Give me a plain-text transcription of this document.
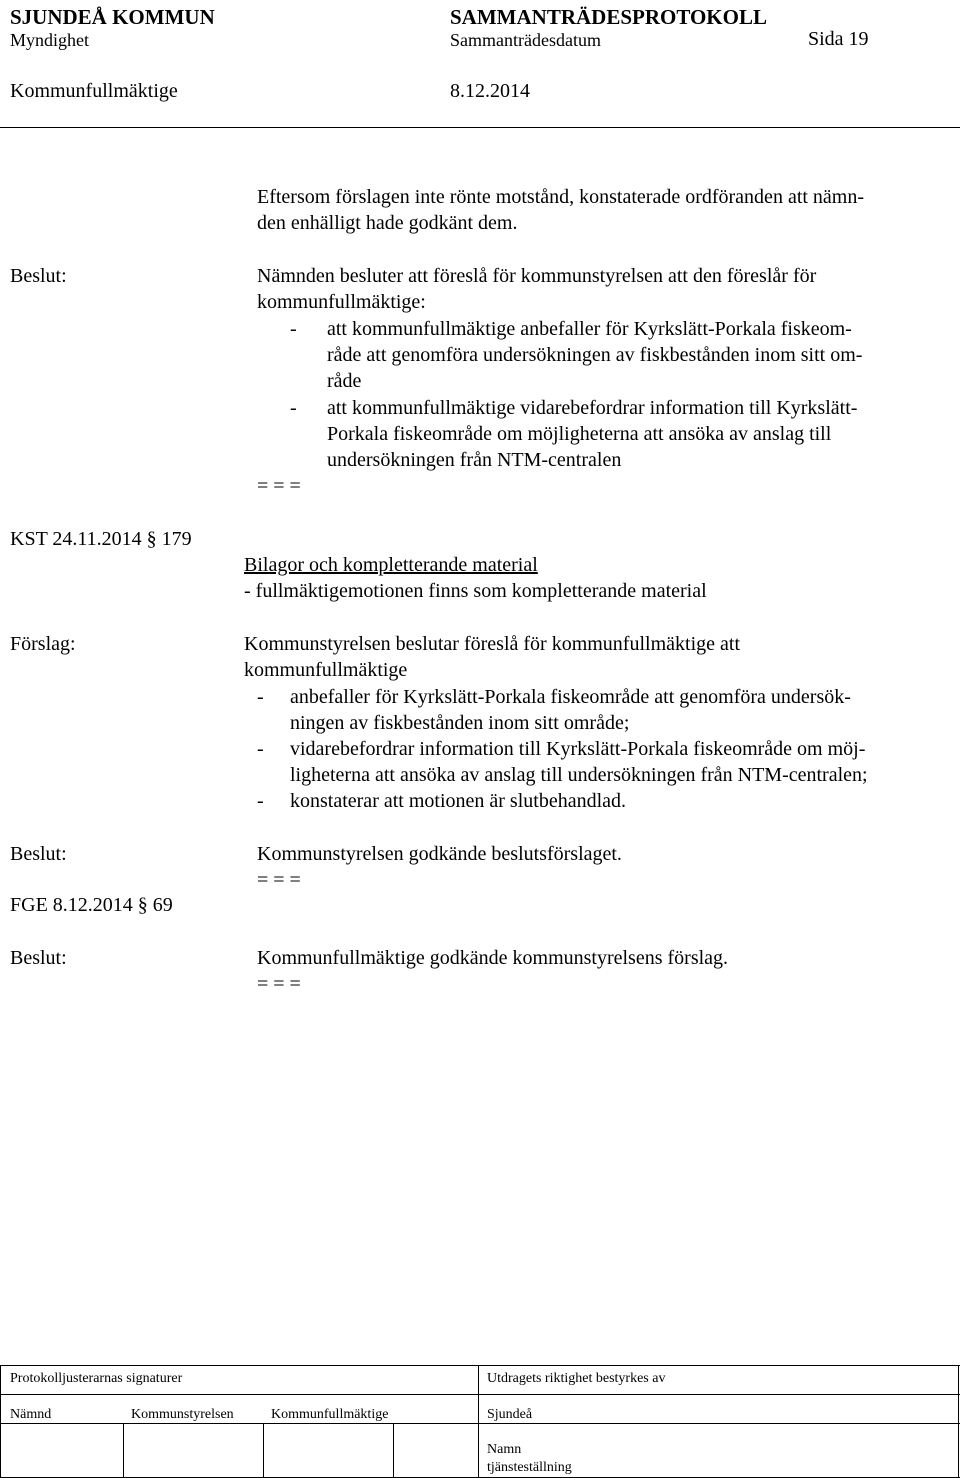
SJUNDEÅ KOMMUN	SAMMANTRÄDESPROTOKOLL
Myndighet	Sammanträdesdatum	Sida 19
Kommunfullmäktige	8.12.2014
Eftersom förslagen inte rönte motstånd, konstaterade ordföranden att nämn-
den enhälligt hade godkänt dem.
Beslut:	Nämnden besluter att föreslå för kommunstyrelsen att den föreslår för
kommunfullmäktige:
- att kommunfullmäktige anbefaller för Kyrkslätt-Porkala fiskeom-
råde att genomföra undersökningen av fiskbestånden inom sitt om-
råde
- att kommunfullmäktige vidarebefordrar information till Kyrkslätt-
Porkala fiskeområde om möjligheterna att ansöka av anslag till
undersökningen från NTM-centralen
= = =
KST 24.11.2014 § 179
Bilagor och kompletterande material
- fullmäktigemotionen finns som kompletterande material
Förslag:	Kommunstyrelsen beslutar föreslå för kommunfullmäktige att
kommunfullmäktige
- anbefaller för Kyrkslätt-Porkala fiskeområde att genomföra undersök-
ningen av fiskbestånden inom sitt område;
- vidarebefordrar information till Kyrkslätt-Porkala fiskeområde om möj-
ligheterna att ansöka av anslag till undersökningen från NTM-centralen;
- konstaterar att motionen är slutbehandlad.
Beslut:	Kommunstyrelsen godkände beslutsförslaget.
= = =
FGE 8.12.2014 § 69
Beslut:	Kommunfullmäktige godkände kommunstyrelsens förslag.
= = =
Protokolljusterarnas signaturer	Utdragets riktighet bestyrkes av
Nämnd	Kommunstyrelsen	Kommunfullmäktige	Sjundeå
Namn
tjänsteställning
